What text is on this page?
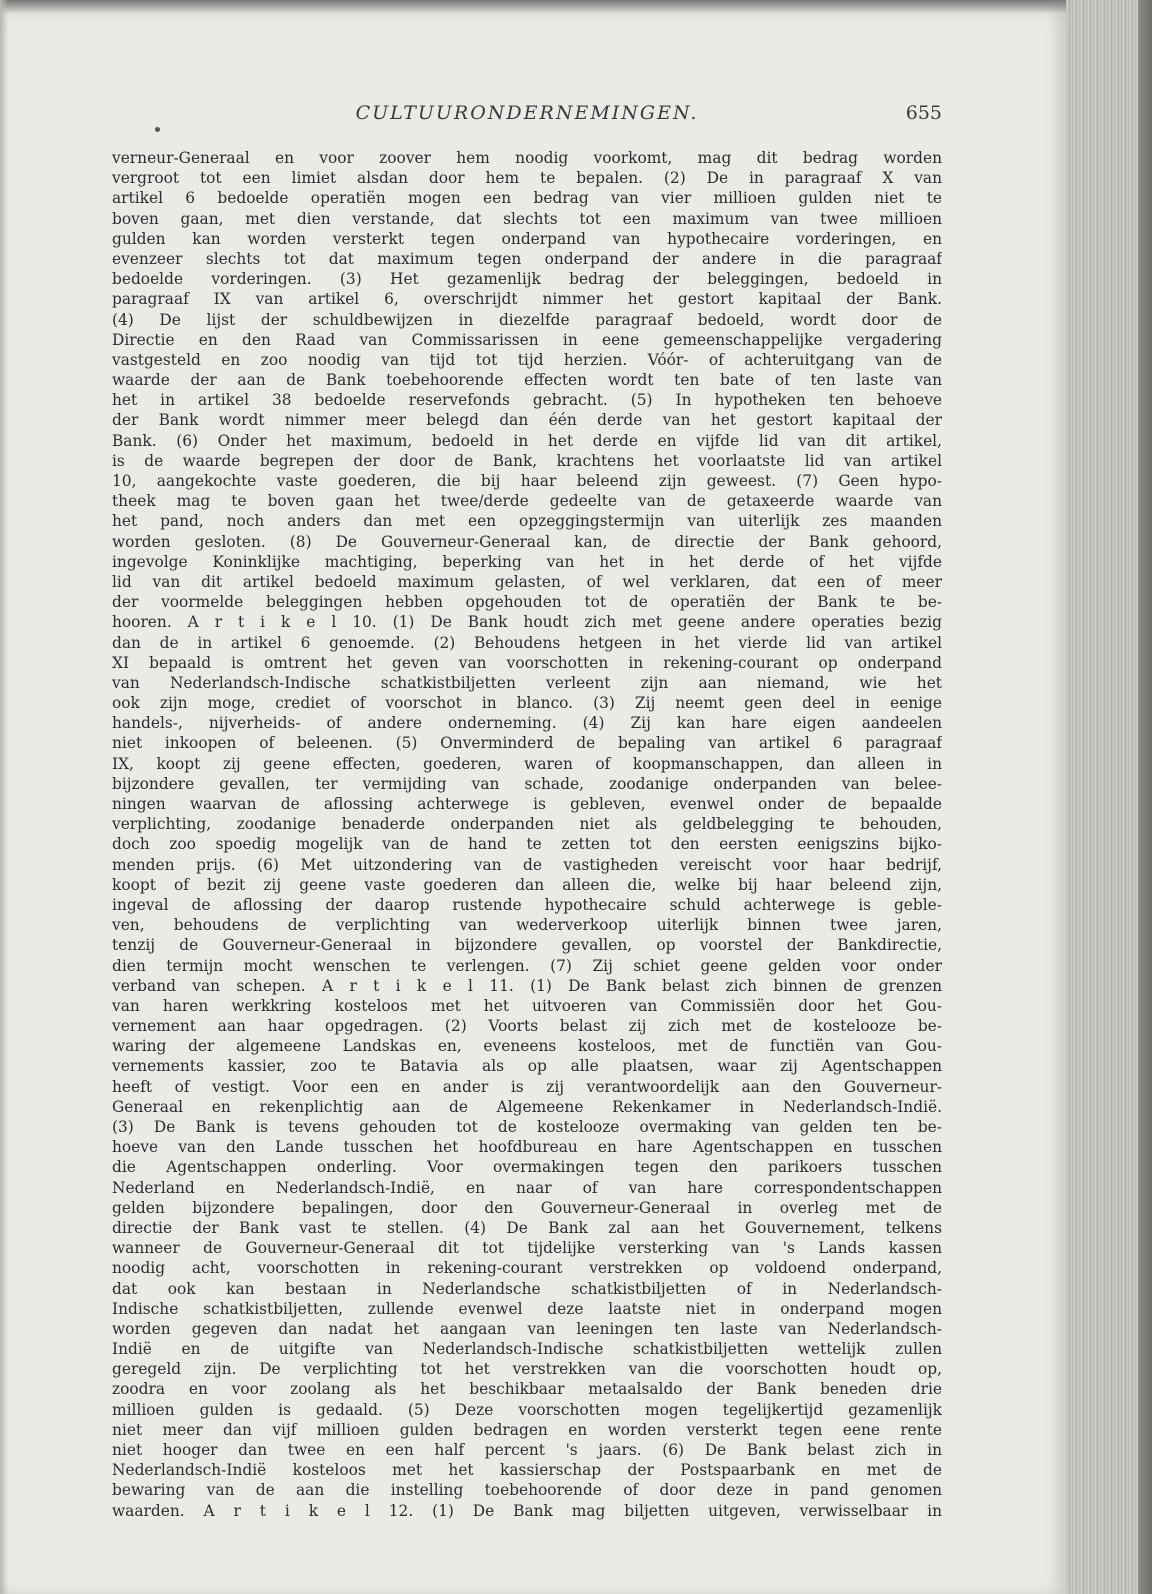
CULTUURONDERNEMINGEN.	655
verneur-Generaal en voor zoover hem noodig voorkomt, mag dit bedrag worden
vergroot tot een limiet alsdan door hem te bepalen. (2) De in paragraaf X van
artikel 6 bedoelde operatiën mogen een bedrag van vier millioen gulden niet te
boven gaan, met dien verstande, dat slechts tot een maximum van twee millioen
gulden kan worden versterkt tegen onderpand van hypothecaire vorderingen, en
evenzeer slechts tot dat maximum tegen onderpand der andere in die paragraaf
bedoelde vorderingen. (3) Het gezamenlijk bedrag der beleggingen, bedoeld in
paragraaf IX van artikel 6, overschrijdt nimmer het gestort kapitaal der Bank.
(4) De lijst der schuldbewijzen in diezelfde paragraaf bedoeld, wordt door de
Directie en den Raad van Commissarissen in eene gemeenschappelijke vergadering
vastgesteld en zoo noodig van tijd tot tijd herzien. Vóór- of achteruitgang van de
waarde der aan de Bank toebehoorende effecten wordt ten bate of ten laste van
het in artikel 38 bedoelde reservefonds gebracht. (5) In hypotheken ten behoeve
der Bank wordt nimmer meer belegd dan één derde van het gestort kapitaal der
Bank. (6) Onder het maximum, bedoeld in het derde en vijfde lid van dit artikel,
is de waarde begrepen der door de Bank, krachtens het voorlaatste lid van artikel
10, aangekochte vaste goederen, die bij haar beleend zijn geweest. (7) Geen hypo-
theek mag te boven gaan het twee/derde gedeelte van de getaxeerde waarde van
het pand, noch anders dan met een opzeggingstermijn van uiterlijk zes maanden
worden gesloten. (8) De Gouverneur-Generaal kan, de directie der Bank gehoord,
ingevolge Koninklijke machtiging, beperking van het in het derde of het vijfde
lid van dit artikel bedoeld maximum gelasten, of wel verklaren, dat een of meer
der voormelde beleggingen hebben opgehouden tot de operatiën der Bank te be-
hooren. A r t i k e l 10. (1) De Bank houdt zich met geene andere operaties bezig
dan de in artikel 6 genoemde. (2) Behoudens hetgeen in het vierde lid van artikel
XI bepaald is omtrent het geven van voorschotten in rekening-courant op onderpand
van Nederlandsch-Indische schatkistbiljetten verleent zijn aan niemand, wie het
ook zijn moge, crediet of voorschot in blanco. (3) Zij neemt geen deel in eenige
handels-, nijverheids- of andere onderneming. (4) Zij kan hare eigen aandeelen
niet inkoopen of beleenen. (5) Onverminderd de bepaling van artikel 6 paragraaf
IX, koopt zij geene effecten, goederen, waren of koopmanschappen, dan alleen in
bijzondere gevallen, ter vermijding van schade, zoodanige onderpanden van beleе-
ningen waarvan de aflossing achterwege is gebleven, evenwel onder de bepaalde
verplichting, zoodanige benaderde onderpanden niet als geldbelegging te behouden,
doch zoo spoedig mogelijk van de hand te zetten tot den eersten eenigszins bijko-
menden prijs. (6) Met uitzondering van de vastigheden vereischt voor haar bedrijf,
koopt of bezit zij geene vaste goederen dan alleen die, welke bij haar beleend zijn,
ingeval de aflossing der daarop rustende hypothecaire schuld achterwege is geble-
ven, behoudens de verplichting van wederverkoop uiterlijk binnen twee jaren,
tenzij de Gouverneur-Generaal in bijzondere gevallen, op voorstel der Bankdirectie,
dien termijn mocht wenschen te verlengen. (7) Zij schiet geene gelden voor onder
verband van schepen. A r t i k e l 11. (1) De Bank belast zich binnen de grenzen
van haren werkkring kosteloos met het uitvoeren van Commissiën door het Gou-
vernement aan haar opgedragen. (2) Voorts belast zij zich met de kostelooze be-
waring der algemeene Landskas en, eveneens kosteloos, met de functiën van Gou-
vernements kassier, zoo te Batavia als op alle plaatsen, waar zij Agentschappen
heeft of vestigt. Voor een en ander is zij verantwoordelijk aan den Gouverneur-
Generaal en rekenplichtig aan de Algemeene Rekenkamer in Nederlandsch-Indië.
(3) De Bank is tevens gehouden tot de kostelooze overmaking van gelden ten be-
hoeve van den Lande tusschen het hoofdbureau en hare Agentschappen en tusschen
die Agentschappen onderling. Voor overmakingen tegen den parikoers tusschen
Nederland en Nederlandsch-Indië, en naar of van hare correspondentschappen
gelden bijzondere bepalingen, door den Gouverneur-Generaal in overleg met de
directie der Bank vast te stellen. (4) De Bank zal aan het Gouvernement, telkens
wanneer de Gouverneur-Generaal dit tot tijdelijke versterking van 's Lands kassen
noodig acht, voorschotten in rekening-courant verstrekken op voldoend onderpand,
dat ook kan bestaan in Nederlandsche schatkistbiljetten of in Nederlandsch-
Indische schatkistbiljetten, zullende evenwel deze laatste niet in onderpand mogen
worden gegeven dan nadat het aangaan van leeningen ten laste van Nederlandsch-
Indië en de uitgifte van Nederlandsch-Indische schatkistbiljetten wettelijk zullen
geregeld zijn. De verplichting tot het verstrekken van die voorschotten houdt op,
zoodra en voor zoolang als het beschikbaar metaalsaldo der Bank beneden drie
millioen gulden is gedaald. (5) Deze voorschotten mogen tegelijkertijd gezamenlijk
niet meer dan vijf millioen gulden bedragen en worden versterkt tegen eene rente
niet hooger dan twee en een half percent 's jaars. (6) De Bank belast zich in
Nederlandsch-Indië kosteloos met het kassierschap der Postspaarbank en met de
bewaring van de aan die instelling toebehoorende of door deze in pand genomen
waarden. A r t i k e l 12. (1) De Bank mag biljetten uitgeven, verwisselbaar in
